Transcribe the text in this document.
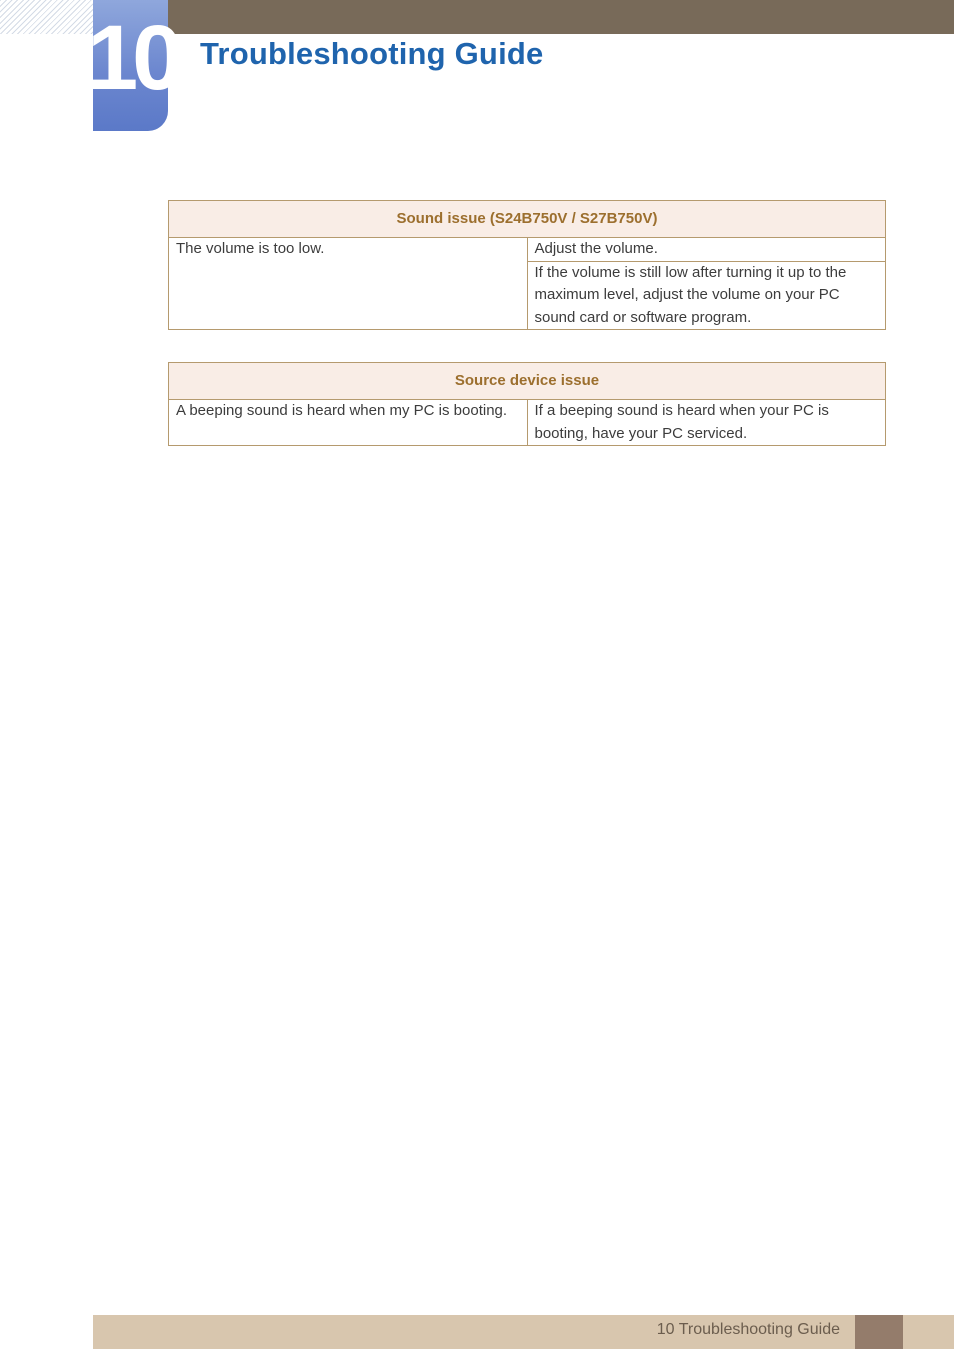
10 Troubleshooting Guide
Sound issue (S24B750V / S27B750V)
The volume is too low.	Adjust the volume.
If the volume is still low after turning it up to the maximum level, adjust the volume on your PC sound card or software program.
Source device issue
A beeping sound is heard when my PC is booting.	If a beeping sound is heard when your PC is booting, have your PC serviced.
10 Troubleshooting Guide
